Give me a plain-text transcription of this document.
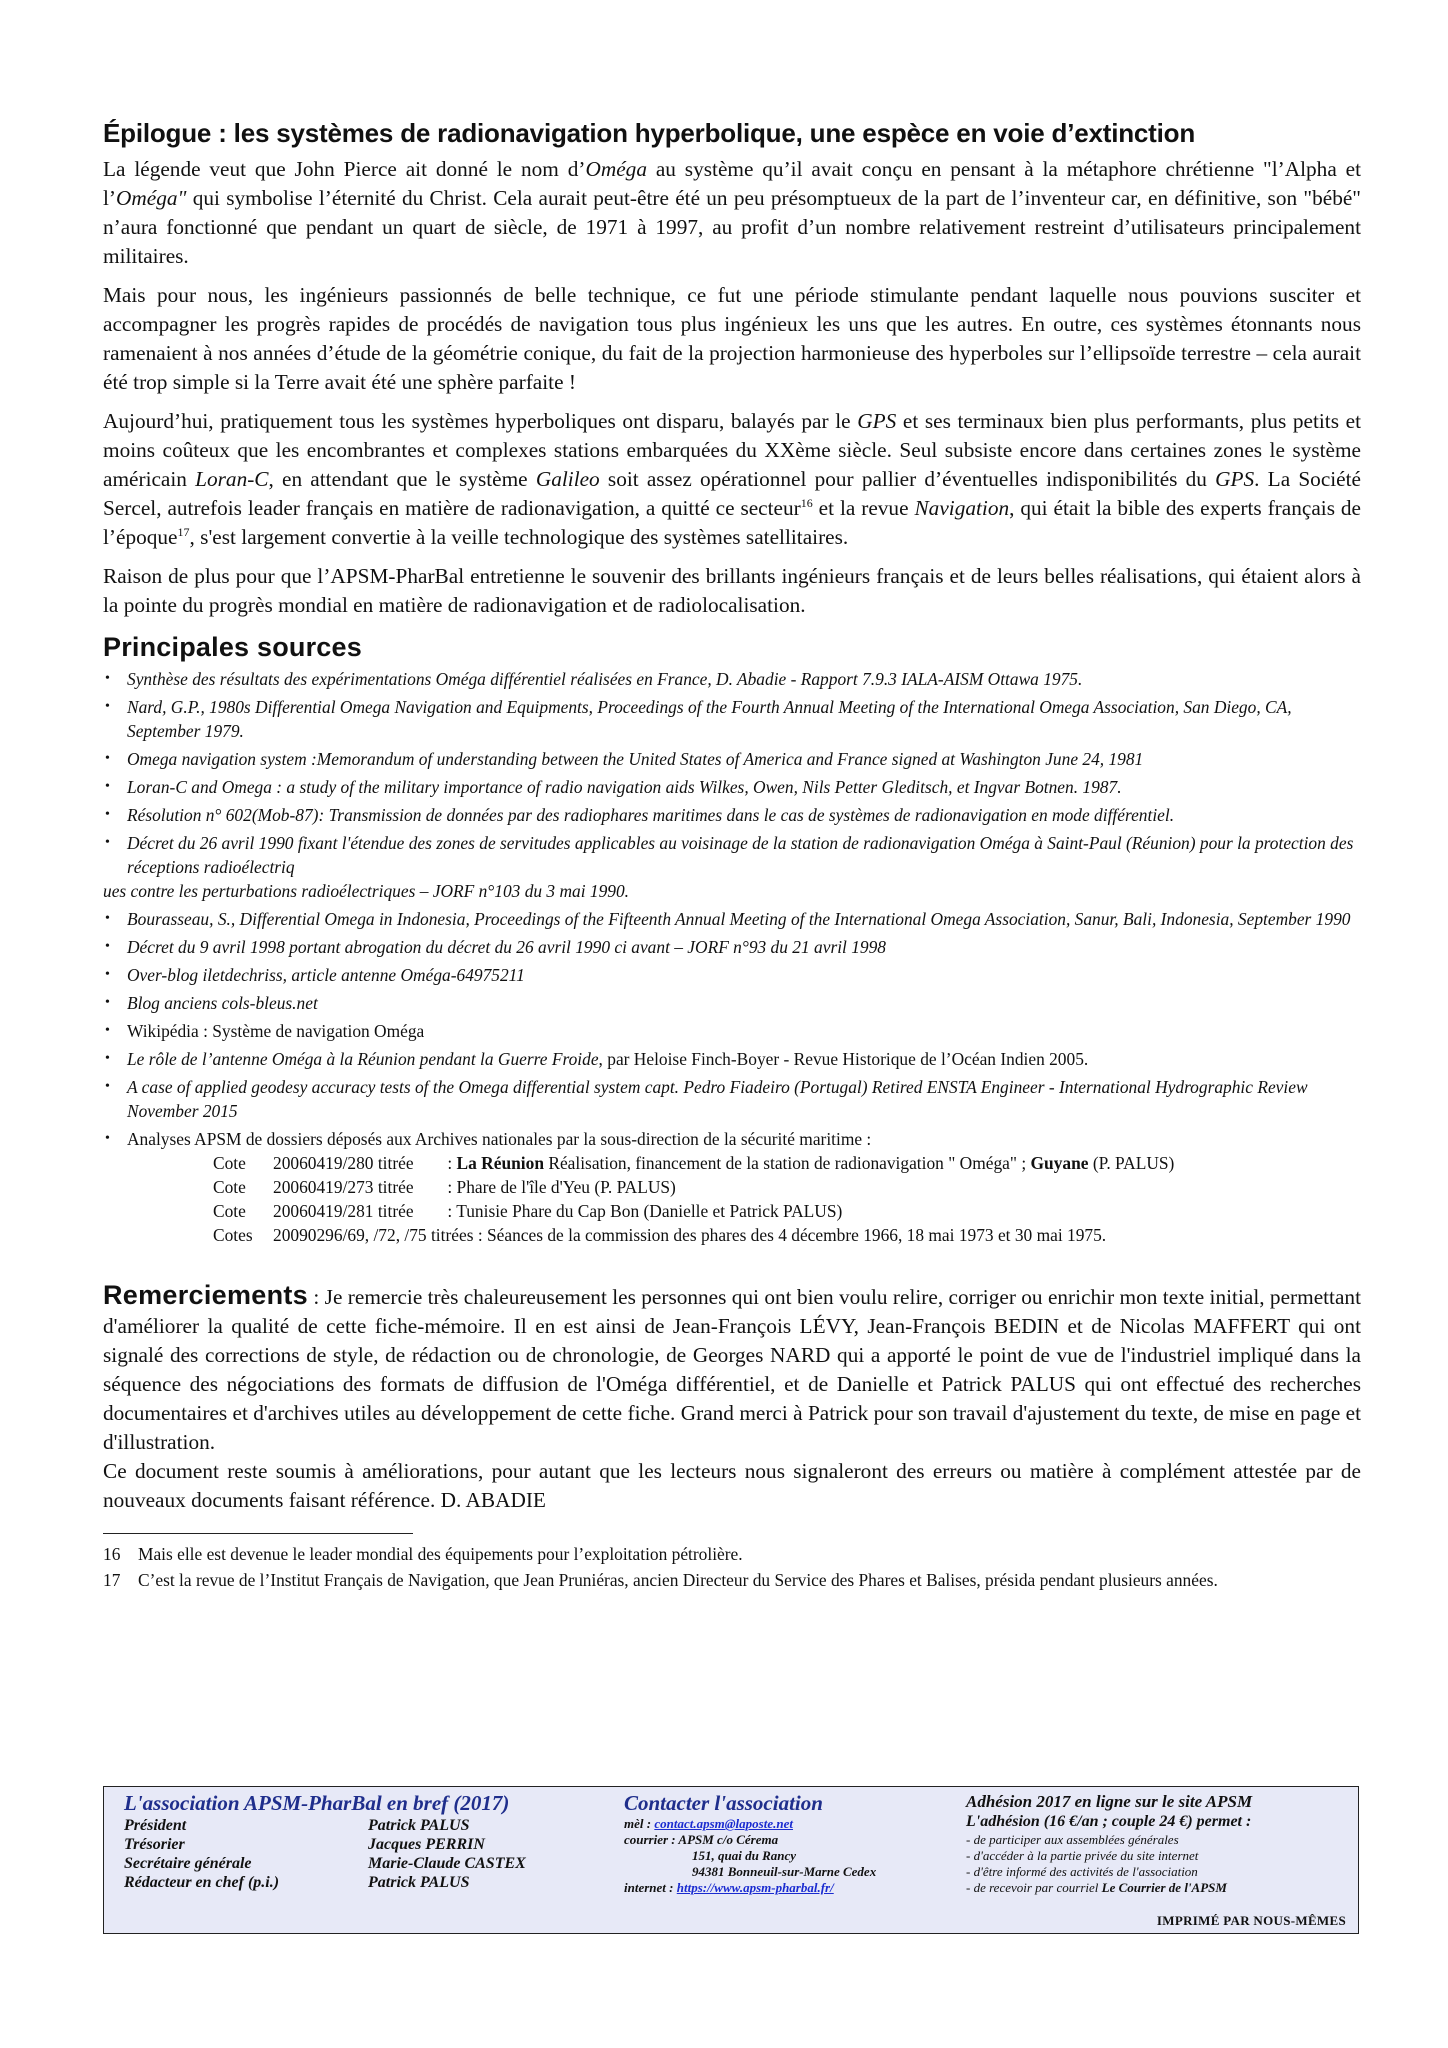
Épilogue : les systèmes de radionavigation hyperbolique, une espèce en voie d’extinction

La légende veut que John Pierce ait donné le nom d’Oméga au système qu’il avait conçu en pensant à la métaphore chrétienne "l’Alpha et l’Oméga" qui symbolise l’éternité du Christ. Cela aurait peut-être été un peu présomptueux de la part de l’inventeur car, en définitive, son "bébé" n’aura fonctionné que pendant un quart de siècle, de 1971 à 1997, au profit d’un nombre relativement restreint d’utilisateurs principalement militaires.

Mais pour nous, les ingénieurs passionnés de belle technique, ce fut une période stimulante pendant laquelle nous pouvions susciter et accompagner les progrès rapides de procédés de navigation tous plus ingénieux les uns que les autres. En outre, ces systèmes étonnants nous ramenaient à nos années d’étude de la géométrie conique, du fait de la projection harmonieuse des hyperboles sur l’ellipsoïde terrestre – cela aurait été trop simple si la Terre avait été une sphère parfaite !

Aujourd’hui, pratiquement tous les systèmes hyperboliques ont disparu, balayés par le GPS et ses terminaux bien plus performants, plus petits et moins coûteux que les encombrantes et complexes stations embarquées du XXème siècle. Seul subsiste encore dans certaines zones le système américain Loran-C, en attendant que le système Galileo soit assez opérationnel pour pallier d’éventuelles indisponibilités du GPS. La Société Sercel, autrefois leader français en matière de radionavigation, a quitté ce secteur$^{16}$ et la revue Navigation, qui était la bible des experts français de l’époque$^{17}$, s'est largement convertie à la veille technologique des systèmes satellitaires.

Raison de plus pour que l’APSM-PharBal entretienne le souvenir des brillants ingénieurs français et de leurs belles réalisations, qui étaient alors à la pointe du progrès mondial en matière de radionavigation et de radiolocalisation.

Principales sources
• Synthèse des résultats des expérimentations Oméga différentiel réalisées en France, D. Abadie - Rapport 7.9.3 IALA-AISM Ottawa 1975.
• Nard, G.P., 1980s Differential Omega Navigation and Equipments, Proceedings of the Fourth Annual Meeting of the International Omega Association, San Diego, CA, September 1979.
• Omega navigation system :Memorandum of understanding between the United States of America and France signed at Washington June 24, 1981
• Loran-C and Omega : a study of the military importance of radio navigation aids Wilkes, Owen, Nils Petter Gleditsch, et Ingvar Botnen. 1987.
• Résolution n° 602(Mob-87): Transmission de données par des radiophares maritimes dans le cas de systèmes de radionavigation en mode différentiel.
• Décret du 26 avril 1990 fixant l'étendue des zones de servitudes applicables au voisinage de la station de radionavigation Oméga à Saint-Paul (Réunion) pour la protection des réceptions radioélectriq
ues contre les perturbations radioélectriques – JORF n°103 du 3 mai 1990.
• Bourasseau, S., Differential Omega in Indonesia, Proceedings of the Fifteenth Annual Meeting of the International Omega Association, Sanur, Bali, Indonesia, September 1990
• Décret du 9 avril 1998 portant abrogation du décret du 26 avril 1990 ci avant – JORF n°93 du 21 avril 1998
• Over-blog iletdechriss, article antenne Oméga-64975211
• Blog anciens cols-bleus.net
• Wikipédia : Système de navigation Oméga
• Le rôle de l’antenne Oméga à la Réunion pendant la Guerre Froide, par Heloise Finch-Boyer - Revue Historique de l’Océan Indien 2005.
• A case of applied geodesy accuracy tests of the Omega differential system capt. Pedro Fiadeiro (Portugal) Retired ENSTA Engineer - International Hydrographic Review November 2015
• Analyses APSM de dossiers déposés aux Archives nationales par la sous-direction de la sécurité maritime :
Cote 20060419/280 titrée : La Réunion Réalisation, financement de la station de radionavigation " Oméga" ; Guyane (P. PALUS)
Cote 20060419/273 titrée : Phare de l'île d'Yeu (P. PALUS)
Cote 20060419/281 titrée : Tunisie Phare du Cap Bon (Danielle et Patrick PALUS)
Cotes 20090296/69, /72, /75 titrées : Séances de la commission des phares des 4 décembre 1966, 18 mai 1973 et 30 mai 1975.
Remerciements : Je remercie très chaleureusement les personnes qui ont bien voulu relire, corriger ou enrichir mon texte initial, permettant d'améliorer la qualité de cette fiche-mémoire. Il en est ainsi de Jean-François LÉVY, Jean-François BEDIN et de Nicolas MAFFERT qui ont signalé des corrections de style, de rédaction ou de chronologie, de Georges NARD qui a apporté le point de vue de l'industriel impliqué dans la séquence des négociations des formats de diffusion de l'Oméga différentiel, et de Danielle et Patrick PALUS qui ont effectué des recherches documentaires et d'archives utiles au développement de cette fiche. Grand merci à Patrick pour son travail d'ajustement du texte, de mise en page et d'illustration.
Ce document reste soumis à améliorations, pour autant que les lecteurs nous signaleront des erreurs ou matière à complément attestée par de nouveaux documents faisant référence. D. ABADIE
16 Mais elle est devenue le leader mondial des équipements pour l’exploitation pétrolière.
17 C’est la revue de l’Institut Français de Navigation, que Jean Pruniéras, ancien Directeur du Service des Phares et Balises, présida pendant plusieurs années.
L'association APSM-PharBal en bref (2017)
Président	Patrick PALUS
Trésorier	Jacques PERRIN
Secrétaire générale	Marie-Claude CASTEX
Rédacteur en chef (p.i.)	Patrick PALUS
Contacter l'association
mèl : contact.apsm@laposte.net
courrier : APSM c/o Cérema
151, quai du Rancy
94381 Bonneuil-sur-Marne Cedex
internet : https://www.apsm-pharbal.fr/
Adhésion 2017 en ligne sur le site APSM
L'adhésion (16 €/an ; couple 24 €) permet :
- de participer aux assemblées générales
- d'accéder à la partie privée du site internet
- d'être informé des activités de l'association
- de recevoir par courriel Le Courrier de l'APSM
IMPRIMÉ PAR NOUS-MÊMES
